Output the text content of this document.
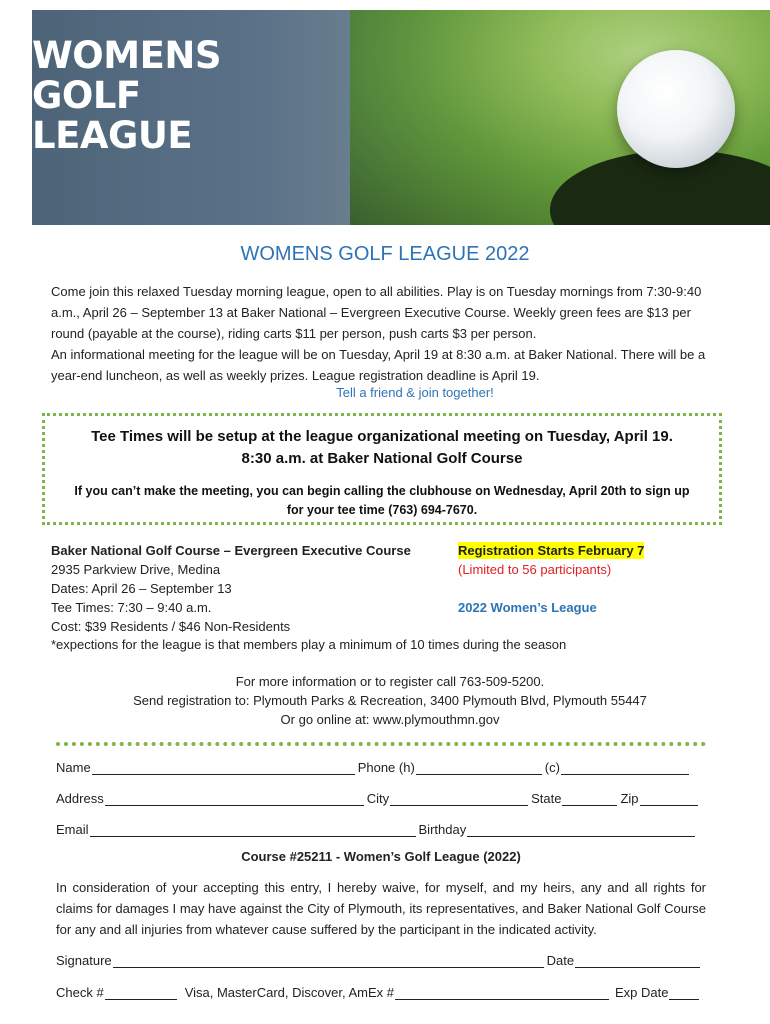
WOMENS
GOLF
LEAGUE
WOMENS GOLF LEAGUE 2022
Come join this relaxed Tuesday morning league, open to all abilities. Play is on Tuesday mornings from 7:30-9:40 a.m., April 26 – September 13 at Baker National – Evergreen Executive Course. Weekly green fees are $13 per round (payable at the course), riding carts $11 per person, push carts $3 per person.
An informational meeting for the league will be on Tuesday, April 19 at 8:30 a.m. at Baker National. There will be a year-end luncheon, as well as weekly prizes. League registration deadline is April 19.
Tell a friend & join together!
Tee Times will be setup at the league organizational meeting on Tuesday, April 19.
8:30 a.m. at Baker National Golf Course
If you can’t make the meeting, you can begin calling the clubhouse on Wednesday, April 20th to sign up
for your tee time (763) 694-7670.
Baker National Golf Course – Evergreen Executive Course
2935 Parkview Drive, Medina
Dates: April 26 – September 13
Tee Times: 7:30 – 9:40 a.m.
Cost: $39 Residents / $46 Non-Residents
Registration Starts February 7
(Limited to 56 participants)
2022 Women’s League
*expections for the league is that members play a minimum of 10 times during the season
For more information or to register call 763-509-5200.
Send registration to: Plymouth Parks & Recreation, 3400 Plymouth Blvd, Plymouth 55447
Or go online at: www.plymouthmn.gov
Name	Phone (h)	(c)
Address	City	State	Zip
Email	Birthday
Course #25211 - Women’s Golf League (2022)
In consideration of your accepting this entry, I hereby waive, for myself, and my heirs, any and all rights for claims for damages I may have against the City of Plymouth, its representatives, and Baker National Golf Course for any and all injuries from whatever cause suffered by the participant in the indicated activity.
Signature	Date
Check #	Visa, MasterCard, Discover, AmEx #	Exp Date
